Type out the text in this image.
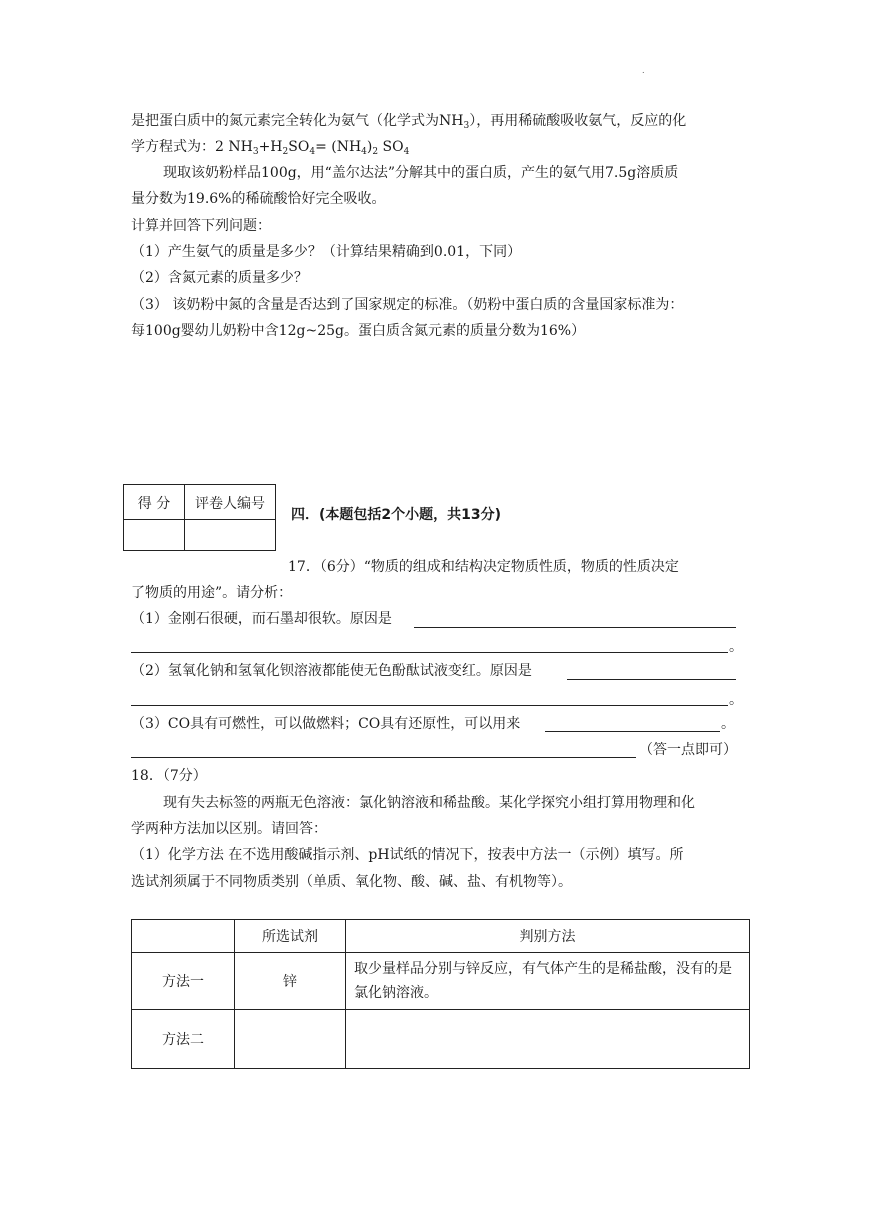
.
是把蛋白质中的氮元素完全转化为氨气（化学式为$NH_3$），再用稀硫酸吸收氨气，反应的化
学方程式为：2 $NH_3+H_2SO_4= (NH_4)_2$ $SO_4$
现取该奶粉样品100g，用“盖尔达法”分解其中的蛋白质，产生的氨气用7.5g溶质质
量分数为19.6%的稀硫酸恰好完全吸收。
计算并回答下列问题：
（1）产生氨气的质量是多少？（计算结果精确到0.01，下同）
（2）含氮元素的质量多少？
（3） 该奶粉中氮的含量是否达到了国家规定的标准。（奶粉中蛋白质的含量国家标准为：
每100g婴幼儿奶粉中含12g~25g。蛋白质含氮元素的质量分数为16%）
得 分	评卷人编号
四．(本题包括2个小题，共13分)
17．（6分）“物质的组成和结构决定物质性质，物质的性质决定
了物质的用途”。请分析：
（1）金刚石很硬，而石墨却很软。原因是
。
（2）氢氧化钠和氢氧化钡溶液都能使无色酚酞试液变红。原因是
。
（3）CO具有可燃性，可以做燃料；CO具有还原性，可以用来	。
（答一点即可）
18．（7分）
现有失去标签的两瓶无色溶液：氯化钠溶液和稀盐酸。某化学探究小组打算用物理和化
学两种方法加以区别。请回答：
（1）化学方法 在不选用酸碱指示剂、pH试纸的情况下，按表中方法一（示例）填写。所
选试剂须属于不同物质类别（单质、氧化物、酸、碱、盐、有机物等）。
	所选试剂	判别方法
方法一	锌	取少量样品分别与锌反应，有气体产生的是稀盐酸，没有的是氯化钠溶液。
方法二		
